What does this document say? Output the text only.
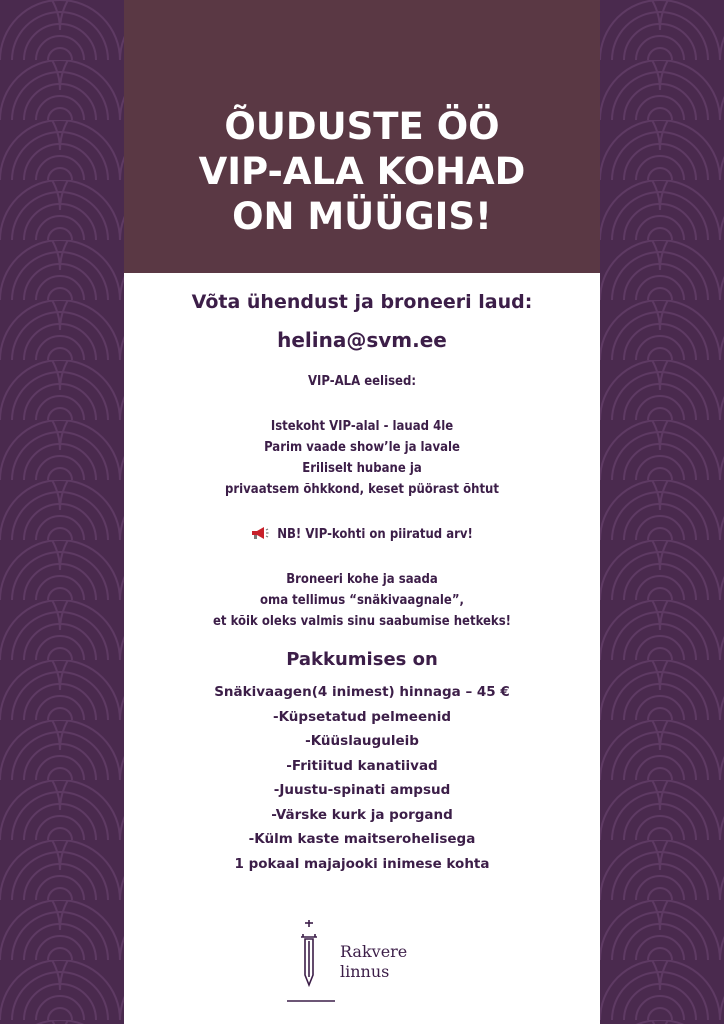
ÕUDUSTE ÖÖ
VIP-ALA KOHAD
ON MÜÜGIS!
Võta ühendust ja broneeri laud:
helina@svm.ee
VIP-ALA eelised:
Istekoht VIP-alal - lauad 4le
Parim vaade show’le ja lavale
Eriliselt hubane ja
privaatsem õhkkond, keset püörast õhtut
NB! VIP-kohti on piiratud arv!
Broneeri kohe ja saada
oma tellimus “snäkivaagnale”,
et kõik oleks valmis sinu saabumise hetkeks!
Pakkumises on
Snäkivaagen(4 inimest) hinnaga – 45 €
-Küpsetatud pelmeenid
-Küüslauguleib
-Fritiitud kanatiivad
-Juustu-spinati ampsud
-Värske kurk ja porgand
-Külm kaste maitserohelisega
1 pokaal majajooki inimese kohta
Rakvere
linnus
